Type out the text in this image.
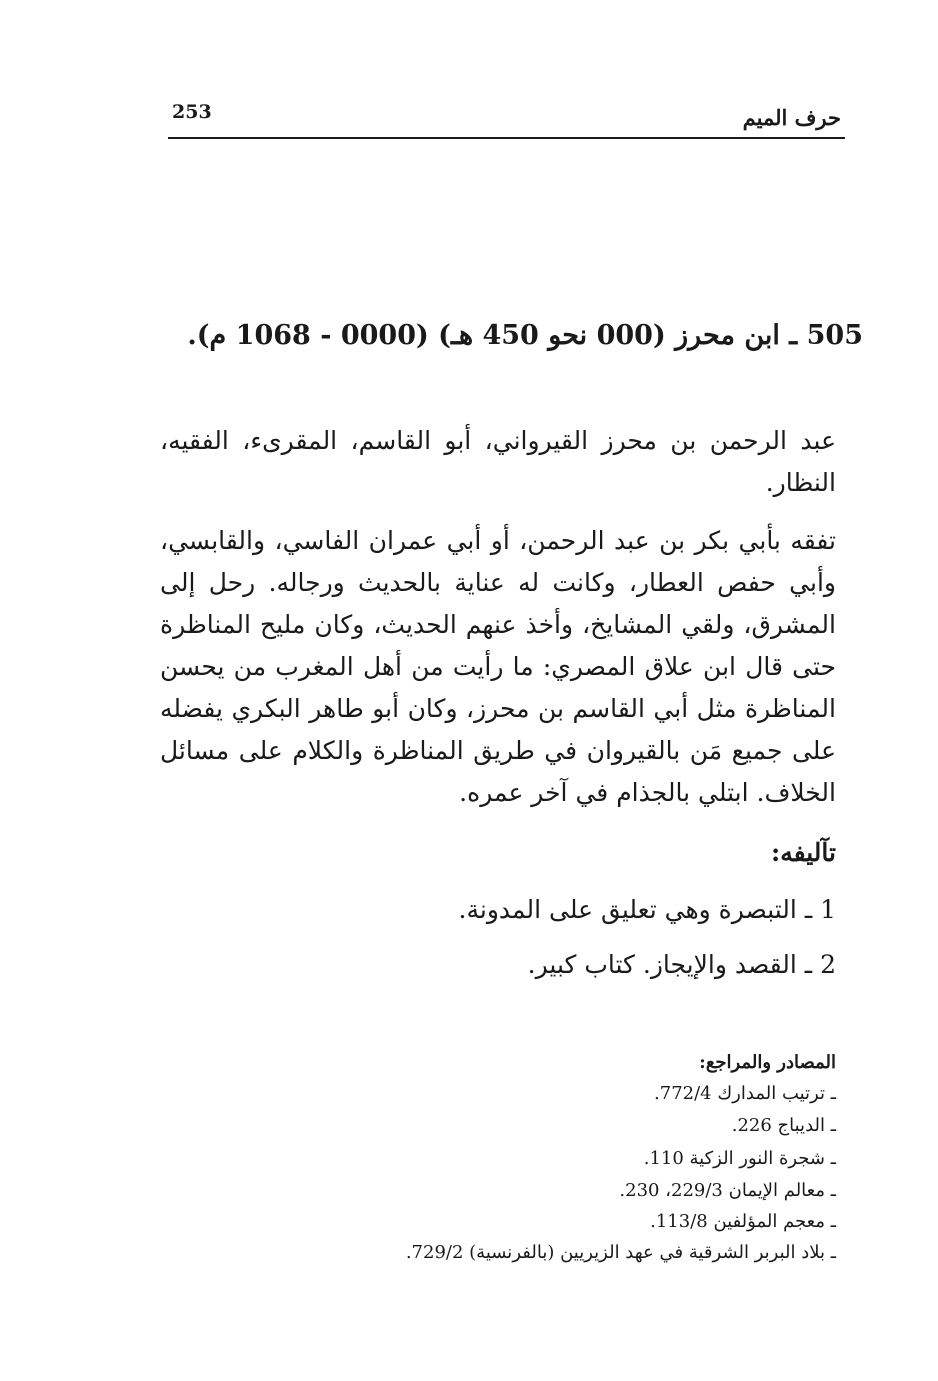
253	حرف الميم
505 ـ ابن محرز (000 نحو 450 هـ) (0000 - 1068 م).

عبد الرحمن بن محرز القيرواني، أبو القاسم، المقرىء، الفقيه، النظار.

تفقه بأبي بكر بن عبد الرحمن، أو أبي عمران الفاسي، والقابسي، وأبي حفص العطار، وكانت له عناية بالحديث ورجاله. رحل إلى المشرق، ولقي المشايخ، وأخذ عنهم الحديث، وكان مليح المناظرة حتى قال ابن علاق المصري: ما رأيت من أهل المغرب من يحسن المناظرة مثل أبي القاسم بن محرز، وكان أبو طاهر البكري يفضله على جميع مَن بالقيروان في طريق المناظرة والكلام على مسائل الخلاف. ابتلي بالجذام في آخر عمره.

تآليفه:
1 ـ التبصرة وهي تعليق على المدونة.
2 ـ القصد والإيجاز. كتاب كبير.
المصادر والمراجع:
ـ ترتيب المدارك 772/4.
ـ الديباج 226.
ـ شجرة النور الزكية 110.
ـ معالم الإيمان 229/3، 230.
ـ معجم المؤلفين 113/8.
ـ بلاد البربر الشرقية في عهد الزيريين (بالفرنسية) 729/2.
